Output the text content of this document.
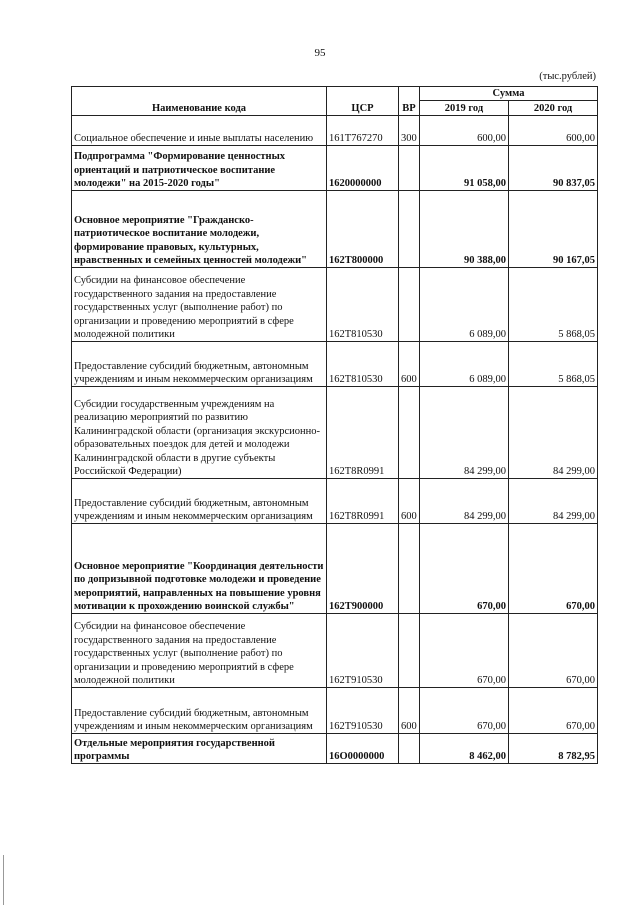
95
(тыс.рублей)
Наименование кода	ЦСР	ВР	Сумма	
			2019 год	2020 год
Социальное обеспечение и иные выплаты населению	161Т767270	300	600,00	600,00
Подпрограмма "Формирование ценностных ориентаций и патриотическое воспитание молодежи" на 2015-2020 годы"	1620000000		91 058,00	90 837,05
Основное мероприятие "Гражданско-патриотическое воспитание молодежи, формирование правовых, культурных, нравственных и семейных ценностей молодежи"	162Т800000		90 388,00	90 167,05
Субсидии на финансовое обеспечение государственного задания на предоставление государственных услуг (выполнение работ) по организации и проведению мероприятий в сфере молодежной политики	162Т810530		6 089,00	5 868,05
Предоставление субсидий бюджетным, автономным учреждениям и иным некоммерческим организациям	162Т810530	600	6 089,00	5 868,05
Субсидии государственным учреждениям на реализацию мероприятий по развитию Калининградской области (организация экскурсионно-образовательных поездок для детей и молодежи Калининградской области в другие субъекты Российской Федерации)	162Т8R0991		84 299,00	84 299,00
Предоставление субсидий бюджетным, автономным учреждениям и иным некоммерческим организациям	162Т8R0991	600	84 299,00	84 299,00
Основное мероприятие "Координация деятельности по допризывной подготовке молодежи и проведение мероприятий, направленных на повышение уровня мотивации к прохождению воинской службы"	162Т900000		670,00	670,00
Субсидии на финансовое обеспечение государственного задания на предоставление государственных услуг (выполнение работ) по организации и проведению мероприятий в сфере молодежной политики	162Т910530		670,00	670,00
Предоставление субсидий бюджетным, автономным учреждениям и иным некоммерческим организациям	162Т910530	600	670,00	670,00
Отдельные мероприятия государственной программы	16О0000000		8 462,00	8 782,95
